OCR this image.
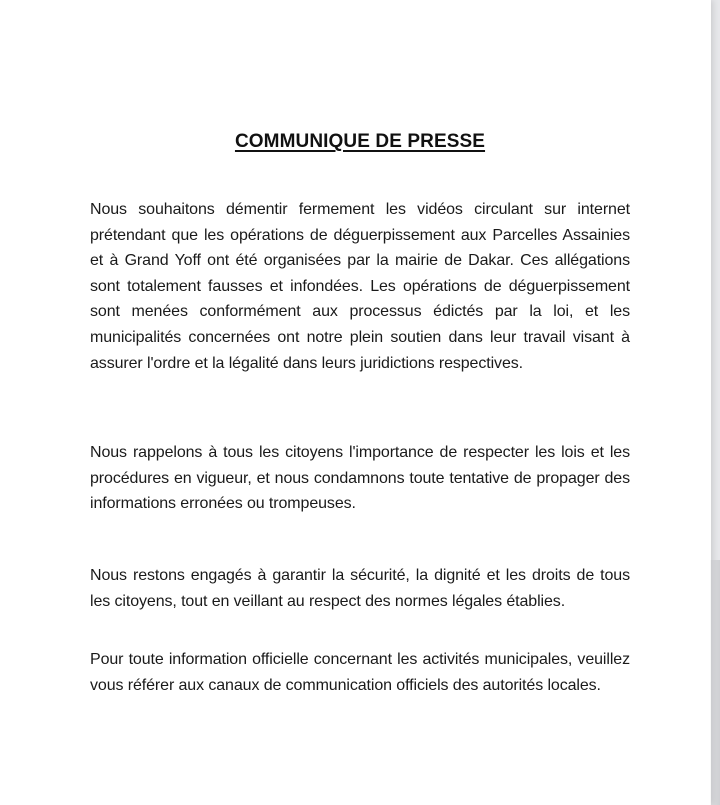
COMMUNIQUE DE PRESSE

Nous souhaitons démentir fermement les vidéos circulant sur internet prétendant que les opérations de déguerpissement aux Parcelles Assainies et à Grand Yoff ont été organisées par la mairie de Dakar. Ces allégations sont totalement fausses et infondées. Les opérations de déguerpissement sont menées conformément aux processus édictés par la loi, et les municipalités concernées ont notre plein soutien dans leur travail visant à assurer l'ordre et la légalité dans leurs juridictions respectives.

Nous rappelons à tous les citoyens l'importance de respecter les lois et les procédures en vigueur, et nous condamnons toute tentative de propager des informations erronées ou trompeuses.

Nous restons engagés à garantir la sécurité, la dignité et les droits de tous les citoyens, tout en veillant au respect des normes légales établies.

Pour toute information officielle concernant les activités municipales, veuillez vous référer aux canaux de communication officiels des autorités locales.
